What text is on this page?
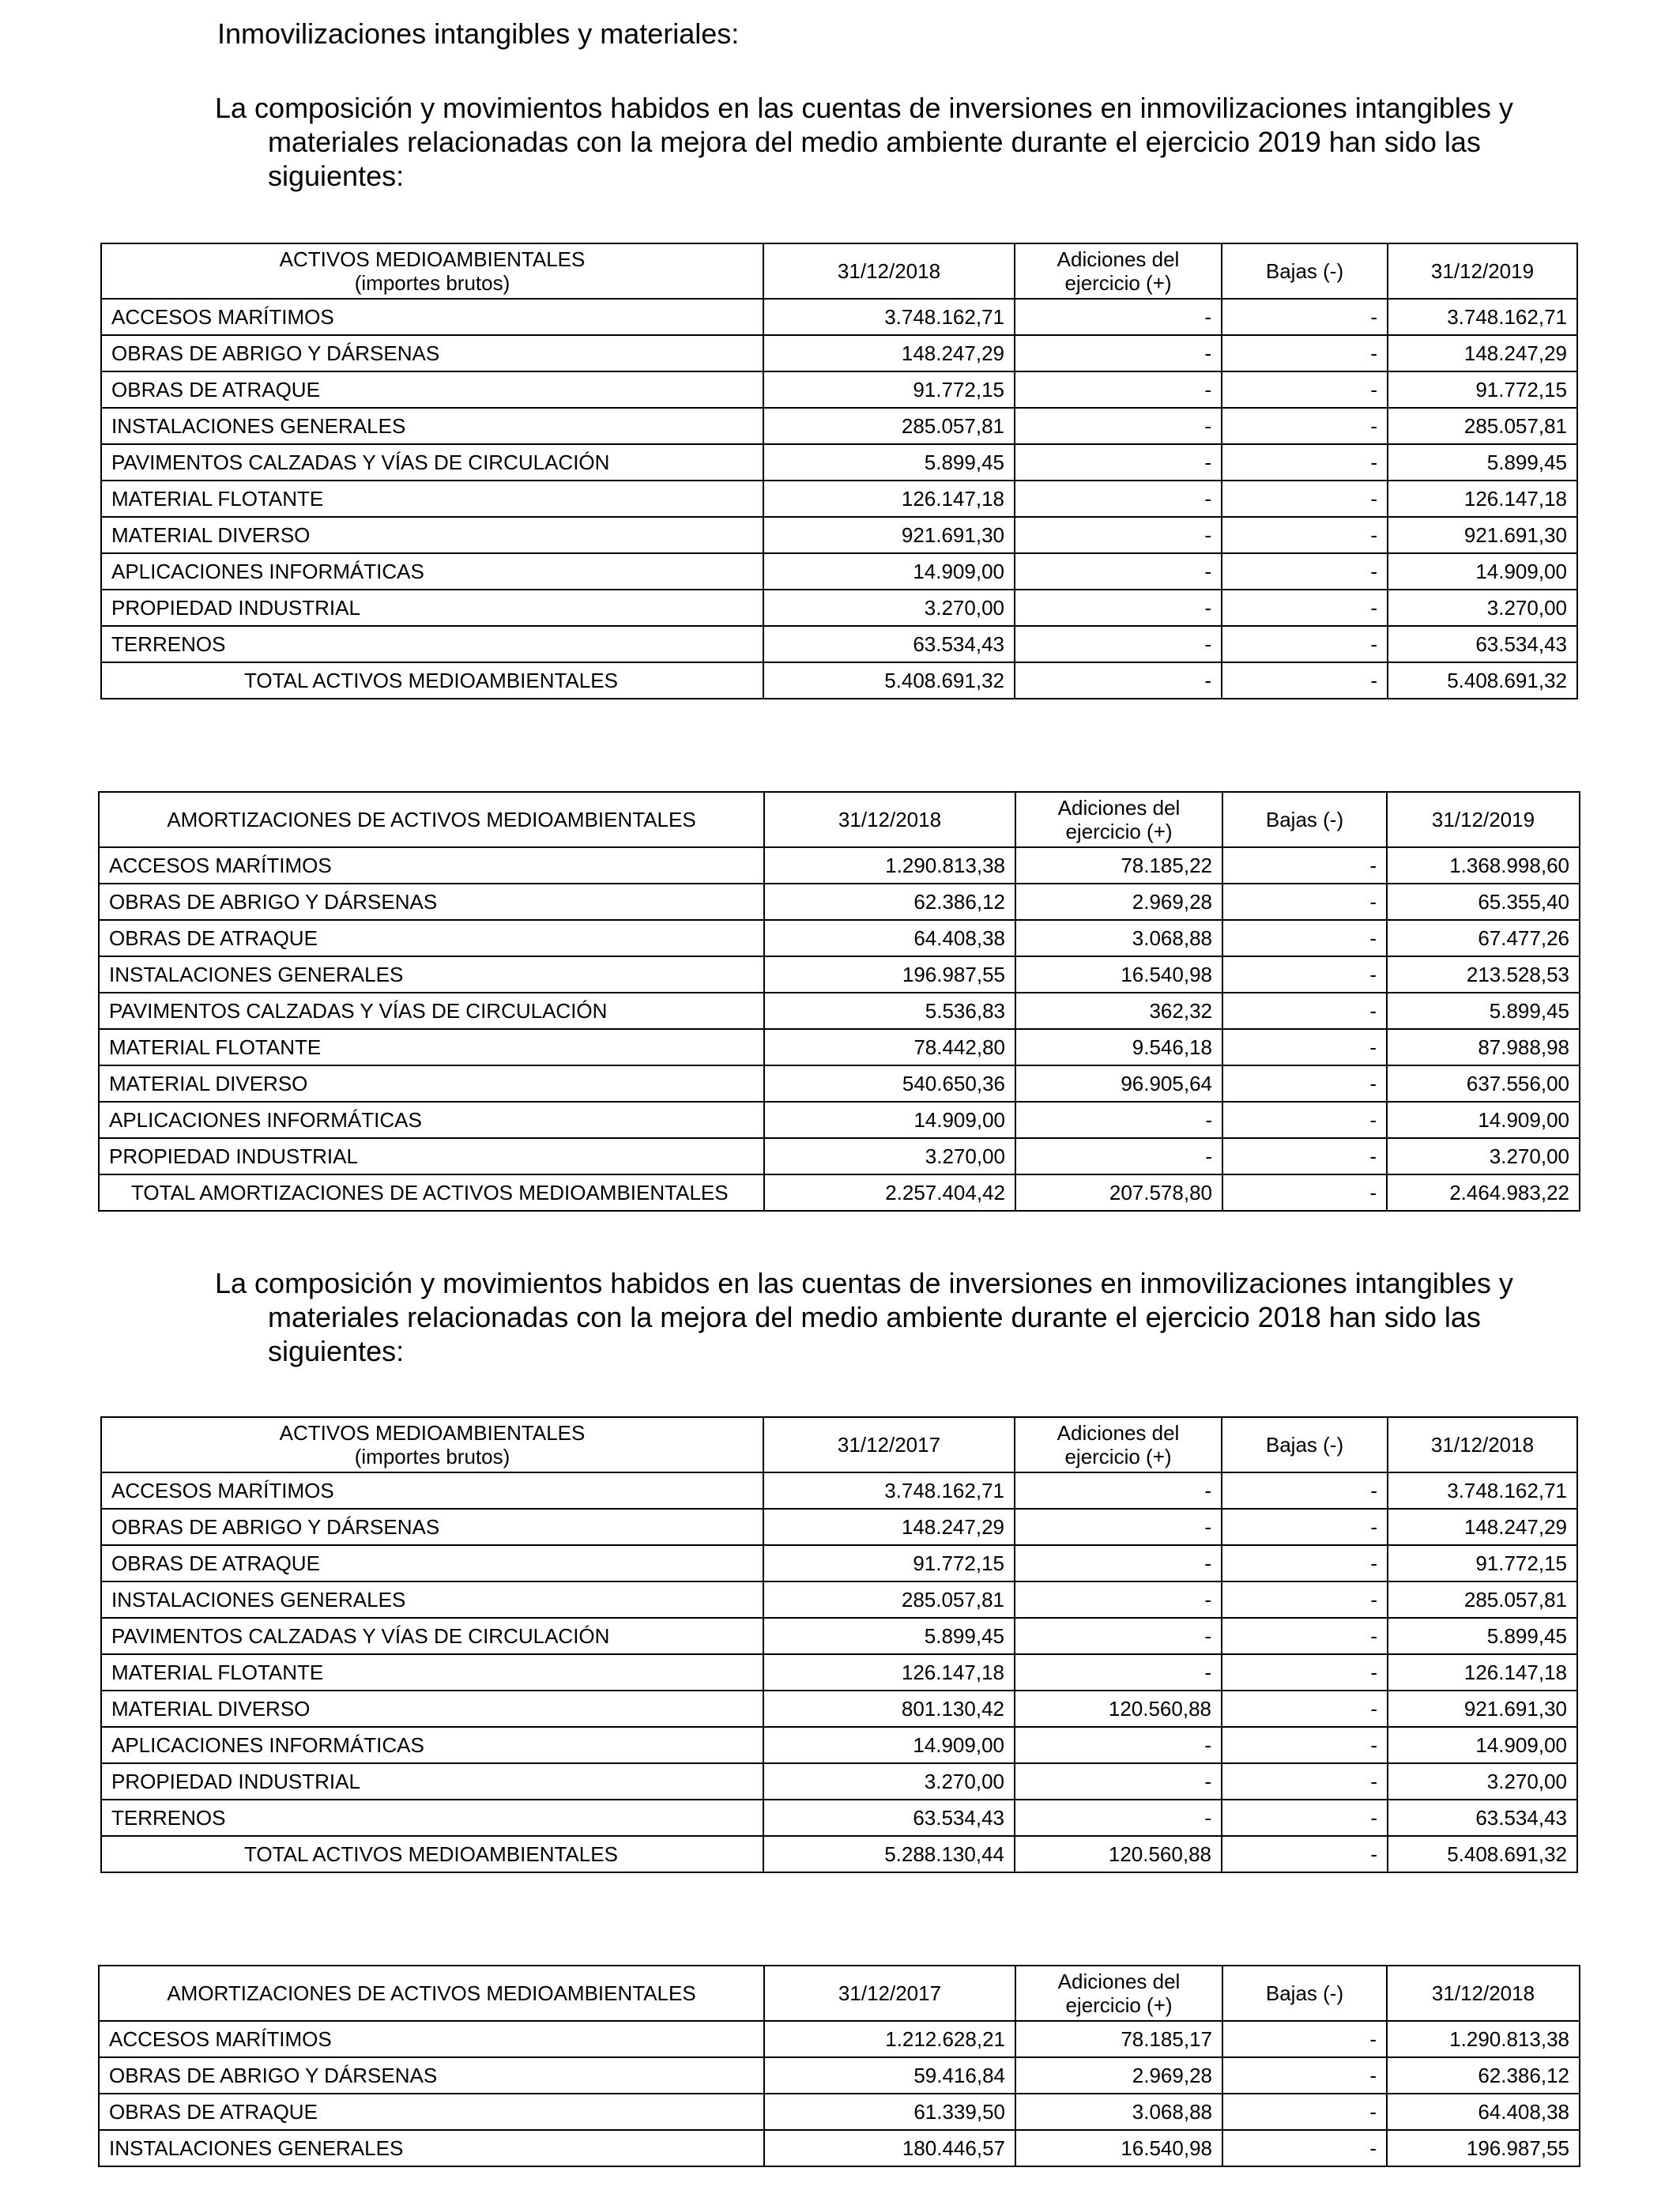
Inmovilizaciones intangibles y materiales:

La composición y movimientos habidos en las cuentas de inversiones en inmovilizaciones intangibles y materiales relacionadas con la mejora del medio ambiente durante el ejercicio 2019 han sido las siguientes:

ACTIVOS MEDIOAMBIENTALES
(importes brutos)	31/12/2018	Adiciones del ejercicio (+)	Bajas (-)	31/12/2019
ACCESOS MARÍTIMOS	3.748.162,71	-	-	3.748.162,71
OBRAS DE ABRIGO Y DÁRSENAS	148.247,29	-	-	148.247,29
OBRAS DE ATRAQUE	91.772,15	-	-	91.772,15
INSTALACIONES GENERALES	285.057,81	-	-	285.057,81
PAVIMENTOS CALZADAS Y VÍAS DE CIRCULACIÓN	5.899,45	-	-	5.899,45
MATERIAL FLOTANTE	126.147,18	-	-	126.147,18
MATERIAL DIVERSO	921.691,30	-	-	921.691,30
APLICACIONES INFORMÁTICAS	14.909,00	-	-	14.909,00
PROPIEDAD INDUSTRIAL	3.270,00	-	-	3.270,00
TERRENOS	63.534,43	-	-	63.534,43
TOTAL ACTIVOS MEDIOAMBIENTALES	5.408.691,32	-	-	5.408.691,32
AMORTIZACIONES DE ACTIVOS MEDIOAMBIENTALES	31/12/2018	Adiciones del ejercicio (+)	Bajas (-)	31/12/2019
ACCESOS MARÍTIMOS	1.290.813,38	78.185,22	-	1.368.998,60
OBRAS DE ABRIGO Y DÁRSENAS	62.386,12	2.969,28	-	65.355,40
OBRAS DE ATRAQUE	64.408,38	3.068,88	-	67.477,26
INSTALACIONES GENERALES	196.987,55	16.540,98	-	213.528,53
PAVIMENTOS CALZADAS Y VÍAS DE CIRCULACIÓN	5.536,83	362,32	-	5.899,45
MATERIAL FLOTANTE	78.442,80	9.546,18	-	87.988,98
MATERIAL DIVERSO	540.650,36	96.905,64	-	637.556,00
APLICACIONES INFORMÁTICAS	14.909,00	-	-	14.909,00
PROPIEDAD INDUSTRIAL	3.270,00	-	-	3.270,00
TOTAL AMORTIZACIONES DE ACTIVOS MEDIOAMBIENTALES	2.257.404,42	207.578,80	-	2.464.983,22

La composición y movimientos habidos en las cuentas de inversiones en inmovilizaciones intangibles y materiales relacionadas con la mejora del medio ambiente durante el ejercicio 2018 han sido las siguientes:

ACTIVOS MEDIOAMBIENTALES
(importes brutos)	31/12/2017	Adiciones del ejercicio (+)	Bajas (-)	31/12/2018
ACCESOS MARÍTIMOS	3.748.162,71	-	-	3.748.162,71
OBRAS DE ABRIGO Y DÁRSENAS	148.247,29	-	-	148.247,29
OBRAS DE ATRAQUE	91.772,15	-	-	91.772,15
INSTALACIONES GENERALES	285.057,81	-	-	285.057,81
PAVIMENTOS CALZADAS Y VÍAS DE CIRCULACIÓN	5.899,45	-	-	5.899,45
MATERIAL FLOTANTE	126.147,18	-	-	126.147,18
MATERIAL DIVERSO	801.130,42	120.560,88	-	921.691,30
APLICACIONES INFORMÁTICAS	14.909,00	-	-	14.909,00
PROPIEDAD INDUSTRIAL	3.270,00	-	-	3.270,00
TERRENOS	63.534,43	-	-	63.534,43
TOTAL ACTIVOS MEDIOAMBIENTALES	5.288.130,44	120.560,88	-	5.408.691,32
AMORTIZACIONES DE ACTIVOS MEDIOAMBIENTALES	31/12/2017	Adiciones del ejercicio (+)	Bajas (-)	31/12/2018
ACCESOS MARÍTIMOS	1.212.628,21	78.185,17	-	1.290.813,38
OBRAS DE ABRIGO Y DÁRSENAS	59.416,84	2.969,28	-	62.386,12
OBRAS DE ATRAQUE	61.339,50	3.068,88	-	64.408,38
INSTALACIONES GENERALES	180.446,57	16.540,98	-	196.987,55
